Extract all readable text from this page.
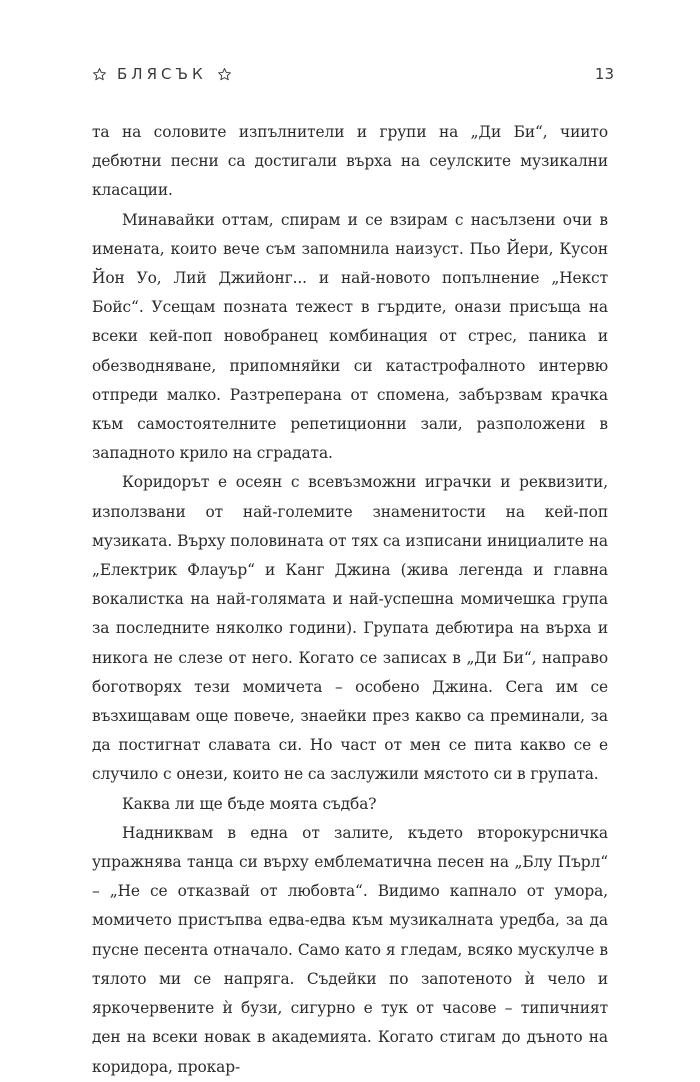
БЛЯСЪК	13

та на соловите изпълнители и групи на „Ди Би“, чиито дебютни песни са достигали върха на сеулските музикални класации.

Минавайки оттам, спирам и се взирам с насълзени очи в имената, които вече съм запомнила наизуст. Пьо Йери, Кусон Йон Уо, Лий Джийонг... и най-новото попълнение „Некст Бойс“. Усещам позната тежест в гърдите, онази присъща на всеки кей-поп новобранец комбинация от стрес, паника и обезводняване, припомняйки си катастрофалното интервю отпреди малко. Разтреперана от спомена, забързвам крачка към самостоятелните репетиционни зали, разположени в западното крило на сградата.

Коридорът е осеян с всевъзможни играчки и реквизити, използвани от най-големите знаменитости на кей-поп музиката. Върху половината от тях са изписани инициалите на „Електрик Флауър“ и Канг Джина (жива легенда и главна вокалистка на най-голямата и най-успешна момичешка група за последните няколко години). Групата дебютира на върха и никога не слезе от него. Когато се записах в „Ди Би“, направо боготворях тези момичета – особено Джина. Сега им се възхищавам още повече, знаейки през какво са преминали, за да постигнат славата си. Но част от мен се пита какво се е случило с онези, които не са заслужили мястото си в групата.

Каква ли ще бъде моята съдба?

Надниквам в една от залите, където второкурсничка упражнява танца си върху емблематична песен на „Блу Пърл“ – „Не се отказвай от любовта“. Видимо капнало от умора, момичето пристъпва едва-едва към музикалната уредба, за да пусне песента отначало. Само като я гледам, всяко мускулче в тялото ми се напряга. Съдейки по запотеното ѝ чело и яркочервените ѝ бузи, сигурно е тук от часове – типичният ден на всеки новак в академията. Когато стигам до дъното на коридора, прокар-
